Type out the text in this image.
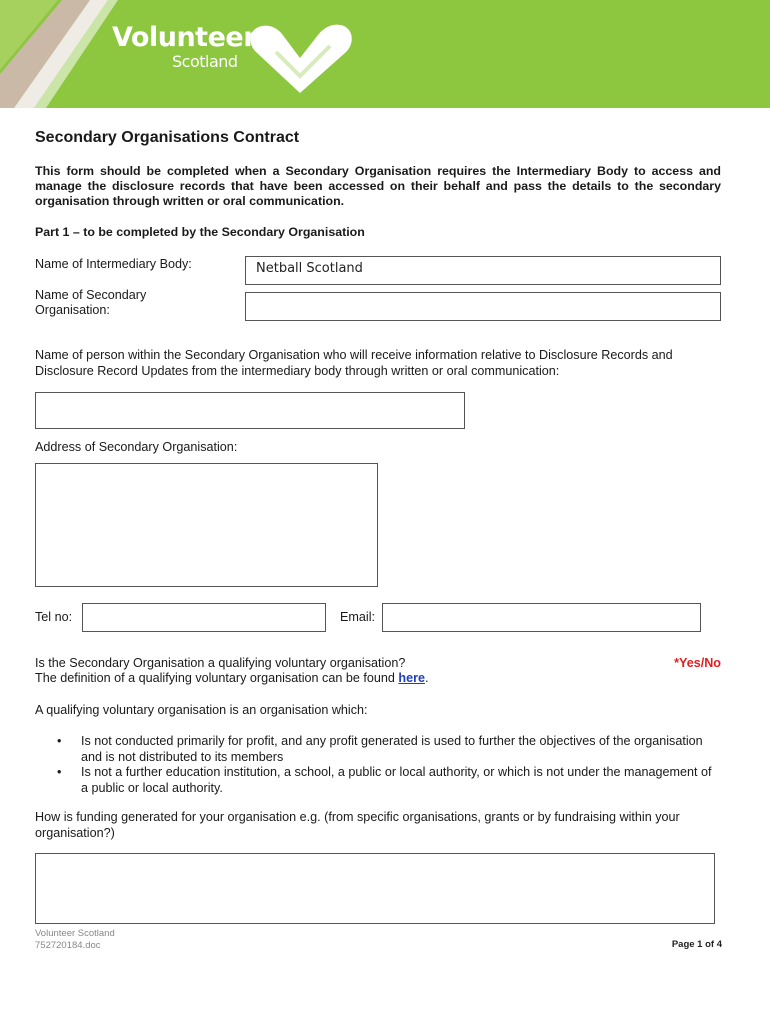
Volunteer
Scotland
Secondary Organisations Contract
This form should be completed when a Secondary Organisation requires the Intermediary Body to access and manage the disclosure records that have been accessed on their behalf and pass the details to the secondary organisation through written or oral communication.
Part 1 – to be completed by the Secondary Organisation
Name of Intermediary Body:	Netball Scotland
Name of Secondary Organisation:
Name of person within the Secondary Organisation who will receive information relative to Disclosure Records and Disclosure Record Updates from the intermediary body through written or oral communication:
Address of Secondary Organisation:
Tel no:	Email:
Is the Secondary Organisation a qualifying voluntary organisation?	*Yes/No
The definition of a qualifying voluntary organisation can be found here.
A qualifying voluntary organisation is an organisation which:
• Is not conducted primarily for profit, and any profit generated is used to further the objectives of the organisation and is not distributed to its members
• Is not a further education institution, a school, a public or local authority, or which is not under the management of a public or local authority.
How is funding generated for your organisation e.g. (from specific organisations, grants or by fundraising within your organisation?)
Volunteer Scotland
752720184.doc	Page 1 of 4
